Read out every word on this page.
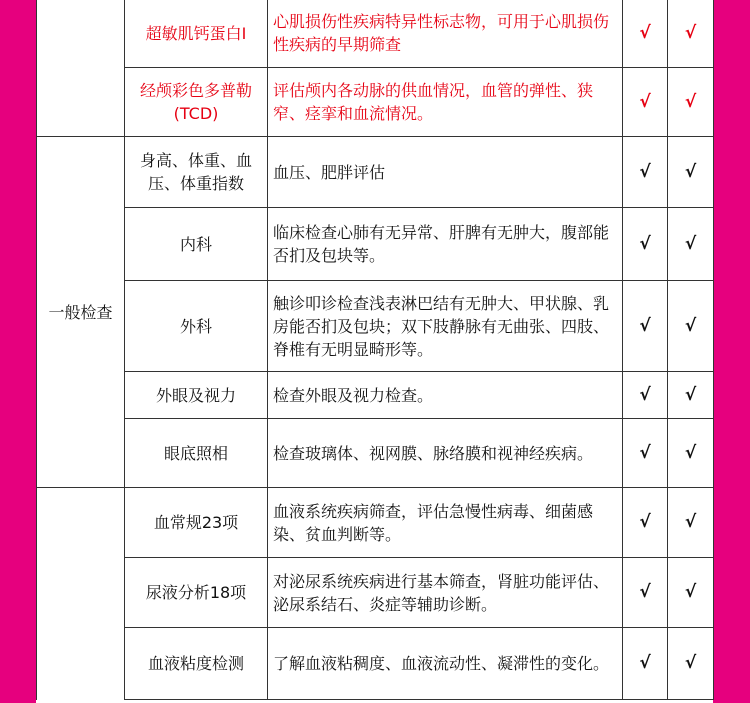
	超敏肌钙蛋白I	心肌损伤性疾病特异性标志物，可用于心肌损伤性疾病的早期筛查	√	√
	经颅彩色多普勒(TCD)	评估颅内各动脉的供血情况，血管的弹性、狭窄、痉挛和血流情况。	√	√
一般检查	身高、体重、血压、体重指数	血压、肥胖评估	√	√
	内科	临床检查心肺有无异常、肝脾有无肿大，腹部能否扪及包块等。	√	√
	外科	触诊叩诊检查浅表淋巴结有无肿大、甲状腺、乳房能否扪及包块；双下肢静脉有无曲张、四肢、脊椎有无明显畸形等。	√	√
	外眼及视力	检查外眼及视力检查。	√	√
	眼底照相	检查玻璃体、视网膜、脉络膜和视神经疾病。	√	√
	血常规23项	血液系统疾病筛查，评估急慢性病毒、细菌感染、贫血判断等。	√	√
	尿液分析18项	对泌尿系统疾病进行基本筛查，肾脏功能评估、泌尿系结石、炎症等辅助诊断。	√	√
	血液粘度检测	了解血液粘稠度、血液流动性、凝滞性的变化。	√	√
